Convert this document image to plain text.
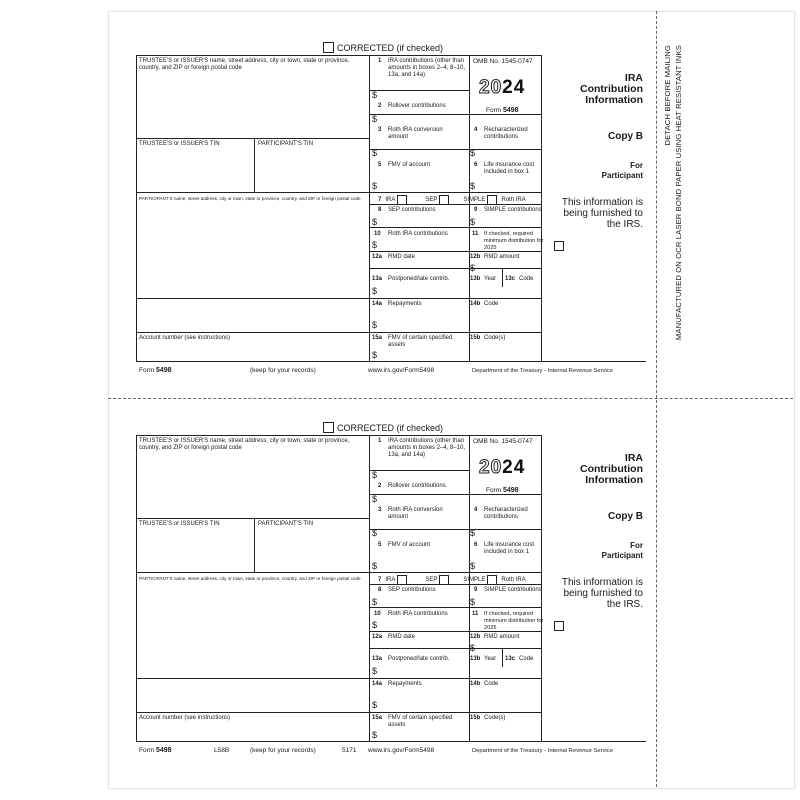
DETACH BEFORE MAILING MANUFACTURED ON OCR LASER BOND PAPER USING HEAT RESISTANT INKS
CORRECTED (if checked)
TRUSTEE'S or ISSUER'S name, street address, city or town, state or province, country, and ZIP or foreign postal code
TRUSTEE'S or ISSUER'S TIN	PARTICIPANT'S TIN
PARTICIPANT'S name, street address, city or town, state or province, country, and ZIP or foreign postal code
Account number (see instructions)
1 IRA contributions (other than amounts in boxes 2–4, 8–10, 13a, and 14a)
$
2 Rollover contributions
$
OMB No. 1545-0747
2024
Form 5498
3 Roth IRA conversion amount
$
4 Recharacterized contributions
$
5 FMV of account
$
6 Life insurance cost included in box 1
$
7 IRA	SEP	SIMPLE	Roth IRA
8 SEP contributions
$
9 SIMPLE contributions
$
10 Roth IRA contributions
$
11 If checked, required minimum distribution for 2025
12a RMD date	12b RMD amount
$
13a Postponed/late contrib.
$
13b Year 13c Code
14a Repayments
$
14b Code
15a FMV of certain specified assets
$
15b Code(s)
IRA
Contribution
Information
Copy B
For
Participant
This information is being furnished to the IRS.
Form 5498	(keep for your records)	www.irs.gov/Form5498	Department of the Treasury - Internal Revenue Service
CORRECTED (if checked)
TRUSTEE'S or ISSUER'S name, street address, city or town, state or province, country, and ZIP or foreign postal code
TRUSTEE'S or ISSUER'S TIN	PARTICIPANT'S TIN
PARTICIPANT'S name, street address, city or town, state or province, country, and ZIP or foreign postal code
Account number (see instructions)
1 IRA contributions (other than amounts in boxes 2–4, 8–10, 13a, and 14a)
$
2 Rollover contributions
$
OMB No. 1545-0747
2024
Form 5498
3 Roth IRA conversion amount
$
4 Recharacterized contributions
$
5 FMV of account
$
6 Life insurance cost included in box 1
$
7 IRA	SEP	SIMPLE	Roth IRA
8 SEP contributions
$
9 SIMPLE contributions
$
10 Roth IRA contributions
$
11 If checked, required minimum distribution for 2025
12a RMD date	12b RMD amount
$
13a Postponed/late contrib.
$
13b Year 13c Code
14a Repayments
$
14b Code
15a FMV of certain specified assets
$
15b Code(s)
IRA
Contribution
Information
Copy B
For
Participant
This information is being furnished to the IRS.
Form 5498	L58B	(keep for your records)	5171 www.irs.gov/Form5498	Department of the Treasury - Internal Revenue Service
